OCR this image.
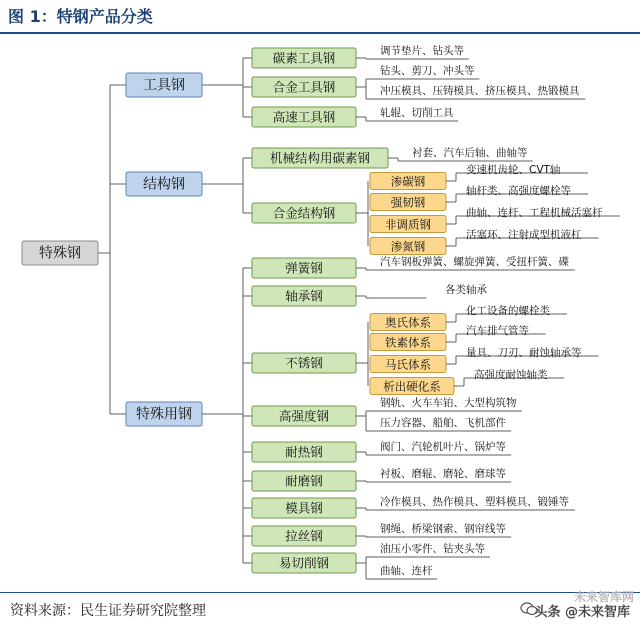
图 1：特钢产品分类
特殊钢
工具钢
碳素工具钢	调节垫片、钻头等
合金工具钢
钻头、剪刀、冲头等
冲压模具、压铸模具、挤压模具、热锻模具
高速工具钢	轧辊、切削工具
结构钢
机械结构用碳素钢	衬套、汽车后轴、曲轴等
合金结构钢
渗碳钢
变速机齿轮、CVT轴
强韧钢
轴杆类、高强度螺栓等
非调质钢
曲轴、连杆、工程机械活塞杆
渗氮钢
活塞环、注射成型机液杠
特殊用钢
弹簧钢	汽车钢板弹簧、螺旋弹簧、受扭杆簧、碟
轴承钢	各类轴承
不锈钢
奥氏体系
化工设备的螺栓类
铁素体系
汽车排气管等
马氏体系
量具、刀刃、耐蚀轴承等
析出硬化系
高强度耐蚀轴类
高强度钢
钢轨、火车车铂、大型构筑物
压力容器、船舶、飞机部件
耐热钢	阀门、汽轮机叶片、锅炉等
耐磨钢	衬板、磨辊、磨轮、磨球等
模具钢	冷作模具、热作模具、塑料模具、锻锤等
拉丝钢	钢绳、桥梁钢索、钢帘线等
易切削钢
油压小零件、钻夹头等
曲轴、连杆
资料来源：民生证券研究院整理
未来智库网
头条 @未来智库
